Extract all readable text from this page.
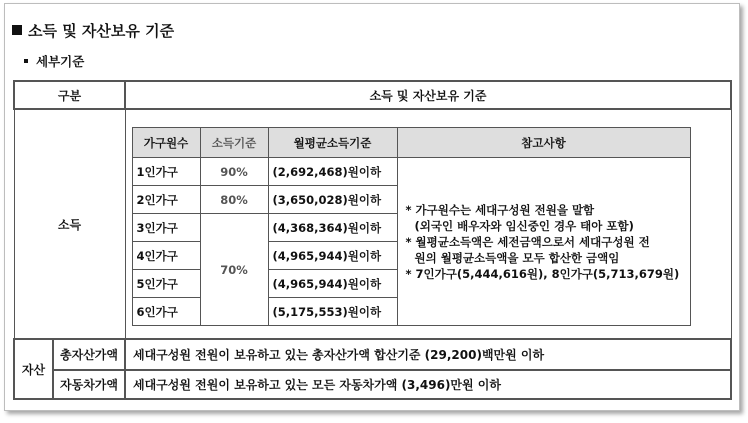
소득 및 자산보유 기준
세부기준
구분	소득 및 자산보유 기준
소득	
가구원수	소득기준	월평균소득기준	참고사항
1인가구	90%	(2,692,468)원이하	
* 가구원수는 세대구성원 전원을 말함
(외국인 배우자와 임신중인 경우 태아 포함)
* 월평균소득액은 세전금액으로서 세대구성원 전
원의 월평균소득액을 모두 합산한 금액임
* 7인가구(5,444,616원), 8인가구(5,713,679원)

2인가구	80%	(3,650,028)원이하
3인가구	70%	(4,368,364)원이하
4인가구	(4,965,944)원이하
5인가구	(4,965,944)원이하
6인가구	(5,175,553)원이하

자산	총자산가액	세대구성원 전원이 보유하고 있는 총자산가액 합산기준 (29,200)백만원 이하
자동차가액	세대구성원 전원이 보유하고 있는 모든 자동차가액 (3,496)만원 이하
